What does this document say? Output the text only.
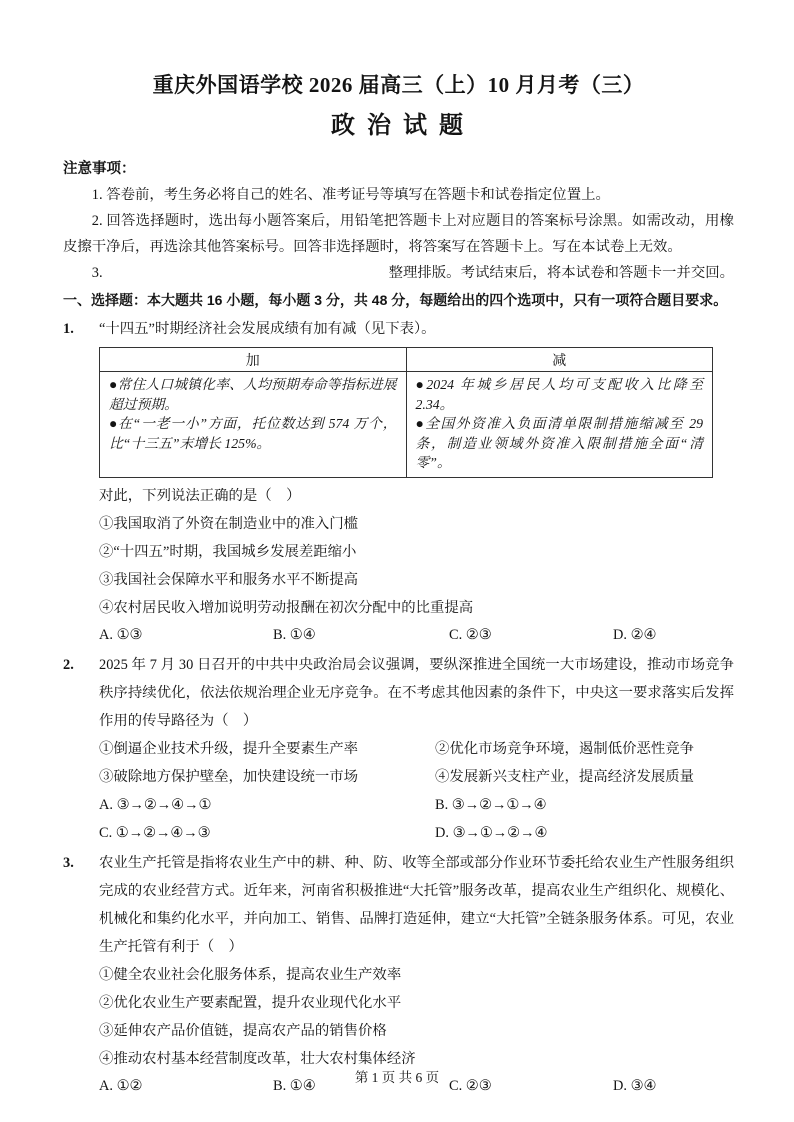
重庆外国语学校 2026 届高三（上）10 月月考（三）
政 治 试 题
注意事项：

1. 答卷前，考生务必将自己的姓名、准考证号等填写在答题卡和试卷指定位置上。

2. 回答选择题时，选出每小题答案后，用铅笔把答题卡上对应题目的答案标号涂黑。如需改动，用橡皮擦干净后，再选涂其他答案标号。回答非选择题时，将答案写在答题卡上。写在本试卷上无效。

3.	整理排版。考试结束后，将本试卷和答题卡一并交回。
一、选择题：本大题共 16 小题，每小题 3 分，共 48 分，每题给出的四个选项中，只有一项符合题目要求。
1.	“十四五”时期经济社会发展成绩有加有减（见下表）。
加	减

●常住人口城镇化率、人均预期寿命等指标进展超过预期。
●在“一老一小”方面，托位数达到 574 万个，比“十三五”末增长 125%。

●2024 年城乡居民人均可支配收入比降至 2.34。
●全国外资准入负面清单限制措施缩减至 29 条，制造业领域外资准入限制措施全面“清零”。
对此，下列说法正确的是（　）
①我国取消了外资在制造业中的准入门槛
②“十四五”时期，我国城乡发展差距缩小
③我国社会保障水平和服务水平不断提高
④农村居民收入增加说明劳动报酬在初次分配中的比重提高
A. ①③	B. ①④	C. ②③	D. ②④
2.	2025 年 7 月 30 日召开的中共中央政治局会议强调，要纵深推进全国统一大市场建设，推动市场竞争秩序持续优化，依法依规治理企业无序竞争。在不考虑其他因素的条件下，中央这一要求落实后发挥作用的传导路径为（　）
①倒逼企业技术升级，提升全要素生产率	②优化市场竞争环境，遏制低价恶性竞争
③破除地方保护壁垒，加快建设统一市场	④发展新兴支柱产业，提高经济发展质量
A. ③→②→④→①	B. ③→②→①→④
C. ①→②→④→③	D. ③→①→②→④
3.	农业生产托管是指将农业生产中的耕、种、防、收等全部或部分作业环节委托给农业生产性服务组织完成的农业经营方式。近年来，河南省积极推进“大托管”服务改革，提高农业生产组织化、规模化、机械化和集约化水平，并向加工、销售、品牌打造延伸，建立“大托管”全链条服务体系。可见，农业生产托管有利于（　）
①健全农业社会化服务体系，提高农业生产效率
②优化农业生产要素配置，提升农业现代化水平
③延伸农产品价值链，提高农产品的销售价格
④推动农村基本经营制度改革，壮大农村集体经济
A. ①②	B. ①④	C. ②③	D. ③④
第 1 页 共 6 页
